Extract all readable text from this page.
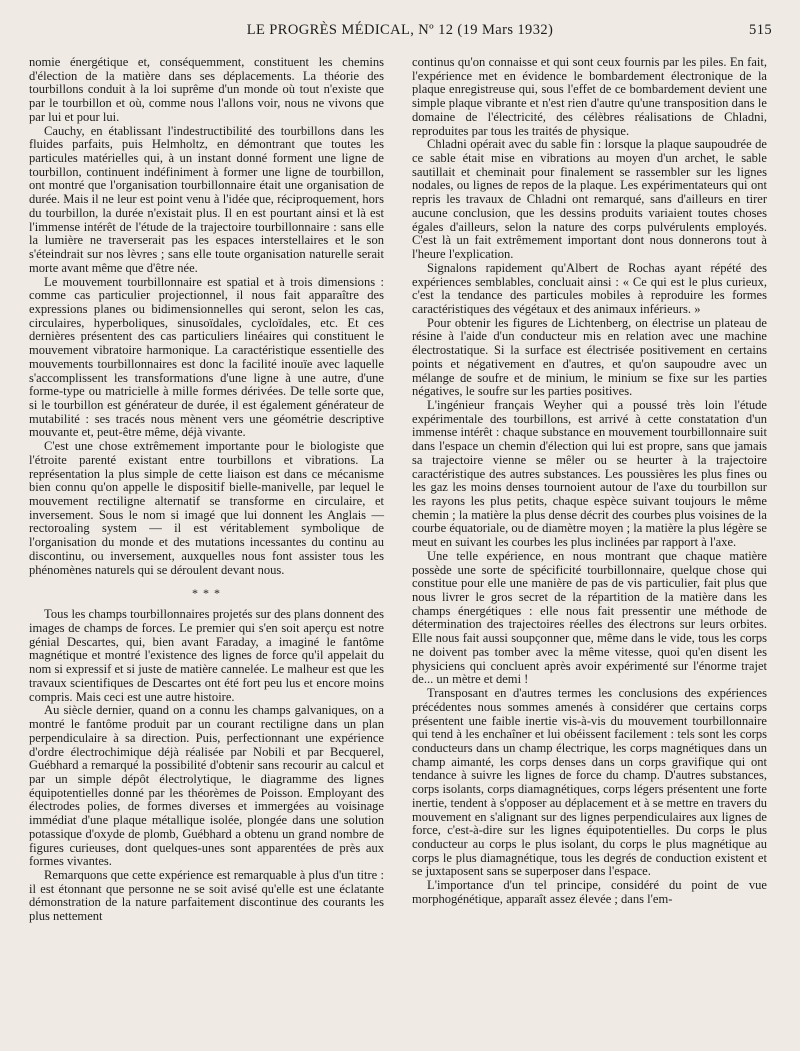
LE PROGRÈS MÉDICAL, Nº 12 (19 Mars 1932)	515

nomie énergétique et, conséquemment, constituent les chemins d'élection de la matière dans ses déplacements. La théorie des tourbillons conduit à la loi suprême d'un monde où tout n'existe que par le tourbillon et où, comme nous l'allons voir, nous ne vivons que par lui et pour lui.

Cauchy, en établissant l'indestructibilité des tourbillons dans les fluides parfaits, puis Helmholtz, en démontrant que toutes les particules matérielles qui, à un instant donné forment une ligne de tourbillon, continuent indéfiniment à former une ligne de tourbillon, ont montré que l'organisation tourbillonnaire était une organisation de durée. Mais il ne leur est point venu à l'idée que, réciproquement, hors du tourbillon, la durée n'existait plus. Il en est pourtant ainsi et là est l'immense intérêt de l'étude de la trajectoire tourbillonnaire : sans elle la lumière ne traverserait pas les espaces interstellaires et le son s'éteindrait sur nos lèvres ; sans elle toute organisation naturelle serait morte avant même que d'être née.

Le mouvement tourbillonnaire est spatial et à trois dimensions : comme cas particulier projectionnel, il nous fait apparaître des expressions planes ou bidimensionnelles qui seront, selon les cas, circulaires, hyperboliques, sinusoïdales, cycloïdales, etc. Et ces dernières présentent des cas particuliers linéaires qui constituent le mouvement vibratoire harmonique. La caractéristique essentielle des mouvements tourbillonnaires est donc la facilité inouïe avec laquelle s'accomplissent les transformations d'une ligne à une autre, d'une forme-type ou matricielle à mille formes dérivées. De telle sorte que, si le tourbillon est générateur de durée, il est également générateur de mutabilité : ses tracés nous mènent vers une géométrie descriptive mouvante et, peut-être même, déjà vivante.

C'est une chose extrêmement importante pour le biologiste que l'étroite parenté existant entre tourbillons et vibrations. La représentation la plus simple de cette liaison est dans ce mécanisme bien connu qu'on appelle le dispositif bielle-manivelle, par lequel le mouvement rectiligne alternatif se transforme en circulaire, et inversement. Sous le nom si imagé que lui donnent les Anglais — rectoroaling system — il est véritablement symbolique de l'organisation du monde et des mutations incessantes du continu au discontinu, ou inversement, auxquelles nous font assister tous les phénomènes naturels qui se déroulent devant nous.

* * *

Tous les champs tourbillonnaires projetés sur des plans donnent des images de champs de forces. Le premier qui s'en soit aperçu est notre génial Descartes, qui, bien avant Faraday, a imaginé le fantôme magnétique et montré l'existence des lignes de force qu'il appelait du nom si expressif et si juste de matière cannelée. Le malheur est que les travaux scientifiques de Descartes ont été fort peu lus et encore moins compris. Mais ceci est une autre histoire.

Au siècle dernier, quand on a connu les champs galvaniques, on a montré le fantôme produit par un courant rectiligne dans un plan perpendiculaire à sa direction. Puis, perfectionnant une expérience d'ordre électrochimique déjà réalisée par Nobili et par Becquerel, Guébhard a remarqué la possibilité d'obtenir sans recourir au calcul et par un simple dépôt électrolytique, le diagramme des lignes équipotentielles donné par les théorèmes de Poisson. Employant des électrodes polies, de formes diverses et immergées au voisinage immédiat d'une plaque métallique isolée, plongée dans une solution potassique d'oxyde de plomb, Guébhard a obtenu un grand nombre de figures curieuses, dont quelques-unes sont apparentées de près aux formes vivantes.

Remarquons que cette expérience est remarquable à plus d'un titre : il est étonnant que personne ne se soit avisé qu'elle est une éclatante démonstration de la nature parfaitement discontinue des courants les plus nettement

continus qu'on connaisse et qui sont ceux fournis par les piles. En fait, l'expérience met en évidence le bombardement électronique de la plaque enregistreuse qui, sous l'effet de ce bombardement devient une simple plaque vibrante et n'est rien d'autre qu'une transposition dans le domaine de l'électricité, des célèbres réalisations de Chladni, reproduites par tous les traités de physique.

Chladni opérait avec du sable fin : lorsque la plaque saupoudrée de ce sable était mise en vibrations au moyen d'un archet, le sable sautillait et cheminait pour finalement se rassembler sur les lignes nodales, ou lignes de repos de la plaque. Les expérimentateurs qui ont repris les travaux de Chladni ont remarqué, sans d'ailleurs en tirer aucune conclusion, que les dessins produits variaient toutes choses égales d'ailleurs, selon la nature des corps pulvérulents employés. C'est là un fait extrêmement important dont nous donnerons tout à l'heure l'explication.

Signalons rapidement qu'Albert de Rochas ayant répété des expériences semblables, concluait ainsi : « Ce qui est le plus curieux, c'est la tendance des particules mobiles à reproduire les formes caractéristiques des végétaux et des animaux inférieurs. »

Pour obtenir les figures de Lichtenberg, on électrise un plateau de résine à l'aide d'un conducteur mis en relation avec une machine électrostatique. Si la surface est électrisée positivement en certains points et négativement en d'autres, et qu'on saupoudre avec un mélange de soufre et de minium, le minium se fixe sur les parties négatives, le soufre sur les parties positives.

L'ingénieur français Weyher qui a poussé très loin l'étude expérimentale des tourbillons, est arrivé à cette constatation d'un immense intérêt : chaque substance en mouvement tourbillonnaire suit dans l'espace un chemin d'élection qui lui est propre, sans que jamais sa trajectoire vienne se mêler ou se heurter à la trajectoire caractéristique des autres substances. Les poussières les plus fines ou les gaz les moins denses tournoient autour de l'axe du tourbillon sur les rayons les plus petits, chaque espèce suivant toujours le même chemin ; la matière la plus dense décrit des courbes plus voisines de la courbe équatoriale, ou de diamètre moyen ; la matière la plus légère se meut en suivant les courbes les plus inclinées par rapport à l'axe.

Une telle expérience, en nous montrant que chaque matière possède une sorte de spécificité tourbillonnaire, quelque chose qui constitue pour elle une manière de pas de vis particulier, fait plus que nous livrer le gros secret de la répartition de la matière dans les champs énergétiques : elle nous fait pressentir une méthode de détermination des trajectoires réelles des électrons sur leurs orbites. Elle nous fait aussi soupçonner que, même dans le vide, tous les corps ne doivent pas tomber avec la même vitesse, quoi qu'en disent les physiciens qui concluent après avoir expérimenté sur l'énorme trajet de... un mètre et demi !

Transposant en d'autres termes les conclusions des expériences précédentes nous sommes amenés à considérer que certains corps présentent une faible inertie vis-à-vis du mouvement tourbillonnaire qui tend à les enchaîner et lui obéissent facilement : tels sont les corps conducteurs dans un champ électrique, les corps magnétiques dans un champ aimanté, les corps denses dans un corps gravifique qui ont tendance à suivre les lignes de force du champ. D'autres substances, corps isolants, corps diamagnétiques, corps légers présentent une forte inertie, tendent à s'opposer au déplacement et à se mettre en travers du mouvement en s'alignant sur des lignes perpendiculaires aux lignes de force, c'est-à-dire sur les lignes équipotentielles. Du corps le plus conducteur au corps le plus isolant, du corps le plus magnétique au corps le plus diamagnétique, tous les degrés de conduction existent et se juxtaposent sans se superposer dans l'espace.

L'importance d'un tel principe, considéré du point de vue morphogénétique, apparaît assez élevée ; dans l'em-
